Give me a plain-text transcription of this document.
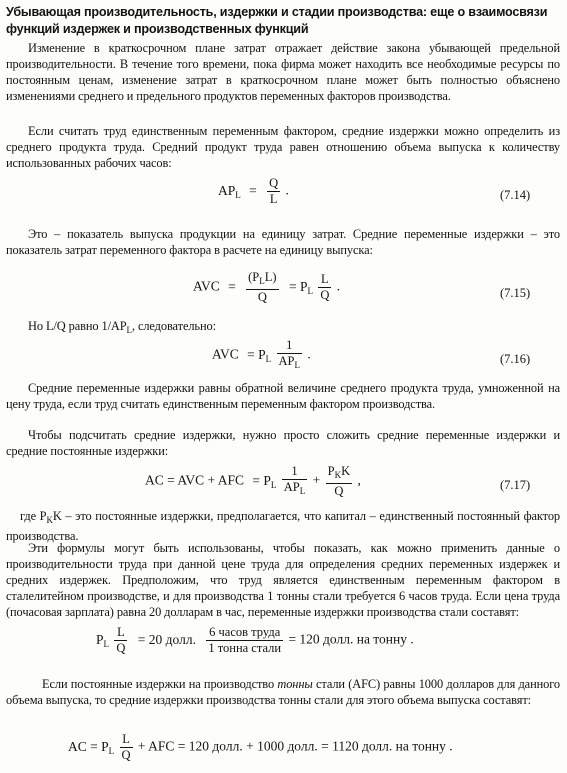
Убывающая производительность, издержки и стадии производства: еще о взаимосвязи функций издержек и производственных функций

Изменение в краткосрочном плане затрат отражает действие закона убывающей предельной производительности. В течение того времени, пока фирма может находить все необходимые ресурсы по постоянным ценам, изменение затрат в краткосрочном плане может быть полностью объяснено изменениями среднего и предельного продуктов переменных факторов производства.

Если считать труд единственным переменным фактором, средние издержки можно определить из среднего продукта труда. Средний продукт труда равен отношению объема выпуска к количеству использованных рабочих часов:

$AP_L = \frac{Q}{L}$ .	(7.14)

Это – показатель выпуска продукции на единицу затрат. Средние переменные издержки – это показатель затрат переменного фактора в расчете на единицу выпуска:

AVC = $\frac{(P_LL)}{Q} = P_L \frac{L}{Q}$ .	(7.15)

Но L/Q равно $1/AP_L$, следовательно:

AVC = $P_L \frac{1}{AP_L}$ .	(7.16)

Средние переменные издержки равны обратной величине среднего продукта труда, умноженной на цену труда, если труд считать единственным переменным фактором производства.

Чтобы подсчитать средние издержки, нужно просто сложить средние переменные издержки и средние постоянные издержки:

AC = AVC + AFC = $P_L \frac{1}{AP_L} + \frac{P_KK}{Q}$ ,	(7.17)

где $P_KK$ – это постоянные издержки, предполагается, что капитал – единственный постоянный фактор производства.

Эти формулы могут быть использованы, чтобы показать, как можно применить данные о производительности труда при данной цене труда для определения средних переменных издержек и средних издержек. Предположим, что труд является единственным переменным фактором в сталелитейном производстве, и для производства 1 тонны стали требуется 6 часов труда. Если цена труда (почасовая зарплата) равна 20 долларам в час, переменные издержки производства стали составят:

$P_L \frac{L}{Q} = 20$ долл. $\frac{\text{6 часов труда}}{\text{1 тонна стали}} = 120$ долл. на тонну .

Если постоянные издержки на производство тонны стали (AFC) равны 1000 долларов для данного объема выпуска, то средние издержки производства тонны стали для этого объема выпуска составят:

AC = $P_L \frac{L}{Q}$ + AFC = 120 долл. + 1000 долл. = 1120 долл. на тонну .
